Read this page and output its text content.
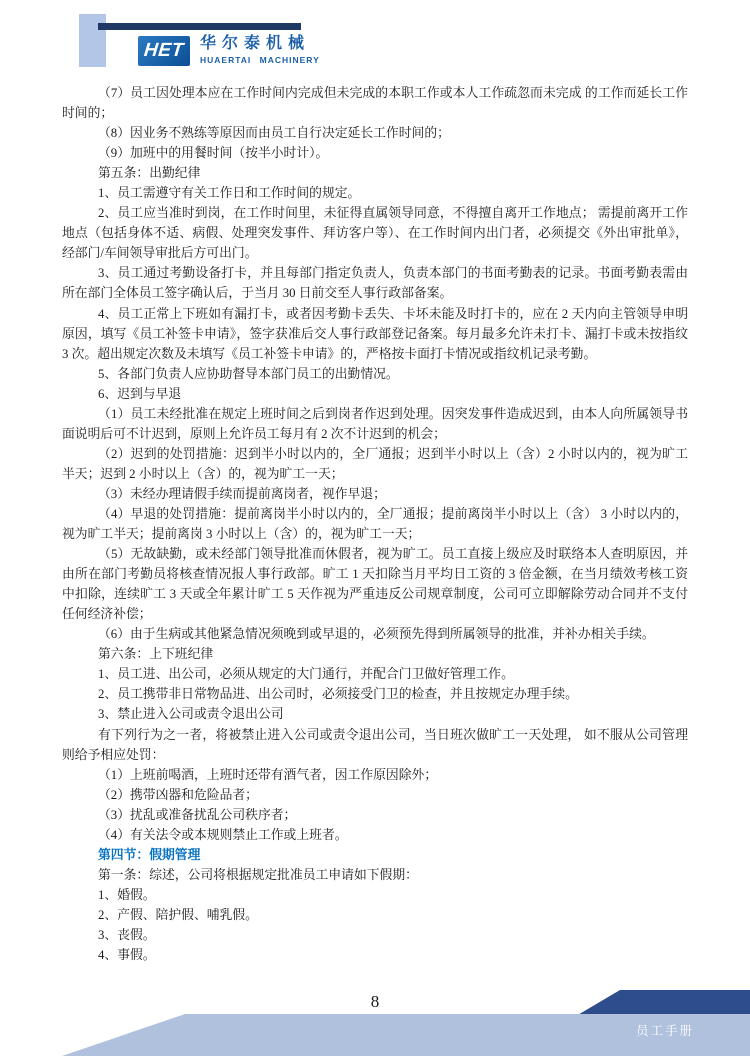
HET 华尔泰机械
HUAERTAI MACHINERY

（7）员工因处理本应在工作时间内完成但未完成的本职工作或本人工作疏忽而未完成 的工作而延长工作时间的；

（8）因业务不熟练等原因而由员工自行决定延长工作时间的；

（9）加班中的用餐时间（按半小时计）。

第五条：出勤纪律

1、员工需遵守有关工作日和工作时间的规定。

2、员工应当准时到岗，在工作时间里，未征得直属领导同意，不得擅自离开工作地点； 需提前离开工作地点（包括身体不适、病假、处理突发事件、拜访客户等）、在工作时间内出门者，必须提交《外出审批单》，经部门/车间领导审批后方可出门。

3、员工通过考勤设备打卡，并且每部门指定负责人，负责本部门的书面考勤表的记录。书面考勤表需由所在部门全体员工签字确认后，于当月 30 日前交至人事行政部备案。

4、员工正常上下班如有漏打卡，或者因考勤卡丢失、卡坏未能及时打卡的，应在 2 天内向主管领导申明原因，填写《员工补签卡申请》，签字获准后交人事行政部登记备案。每月最多允许未打卡、漏打卡或未按指纹 3 次。超出规定次数及未填写《员工补签卡申请》的，严格按卡面打卡情况或指纹机记录考勤。

5、各部门负责人应协助督导本部门员工的出勤情况。

6、迟到与早退

（1）员工未经批准在规定上班时间之后到岗者作迟到处理。因突发事件造成迟到，由本人向所属领导书面说明后可不计迟到，原则上允许员工每月有 2 次不计迟到的机会；

（2）迟到的处罚措施：迟到半小时以内的，全厂通报；迟到半小时以上（含）2 小时以内的，视为旷工半天；迟到 2 小时以上（含）的，视为旷工一天；

（3）未经办理请假手续而提前离岗者，视作早退；

（4）早退的处罚措施：提前离岗半小时以内的，全厂通报；提前离岗半小时以上（含） 3 小时以内的，视为旷工半天；提前离岗 3 小时以上（含）的，视为旷工一天；

（5）无故缺勤，或未经部门领导批准而休假者，视为旷工。员工直接上级应及时联络本人查明原因，并由所在部门考勤员将核查情况报人事行政部。旷工 1 天扣除当月平均日工资的 3 倍金额，在当月绩效考核工资中扣除，连续旷工 3 天或全年累计旷工 5 天作视为严重违反公司规章制度，公司可立即解除劳动合同并不支付任何经济补偿；

（6）由于生病或其他紧急情况须晚到或早退的，必须预先得到所属领导的批准，并补办相关手续。

第六条：上下班纪律

1、员工进、出公司，必须从规定的大门通行，并配合门卫做好管理工作。

2、员工携带非日常物品进、出公司时，必须接受门卫的检查，并且按规定办理手续。

3、禁止进入公司或责令退出公司

有下列行为之一者，将被禁止进入公司或责令退出公司，当日班次做旷工一天处理， 如不服从公司管理则给予相应处罚：

（1）上班前喝酒，上班时还带有酒气者，因工作原因除外；

（2）携带凶器和危险品者；

（3）扰乱或准备扰乱公司秩序者；

（4）有关法令或本规则禁止工作或上班者。

第四节：假期管理

第一条：综述，公司将根据规定批准员工申请如下假期：

1、婚假。

2、产假、陪护假、哺乳假。

3、丧假。

4、事假。

8
员工手册
